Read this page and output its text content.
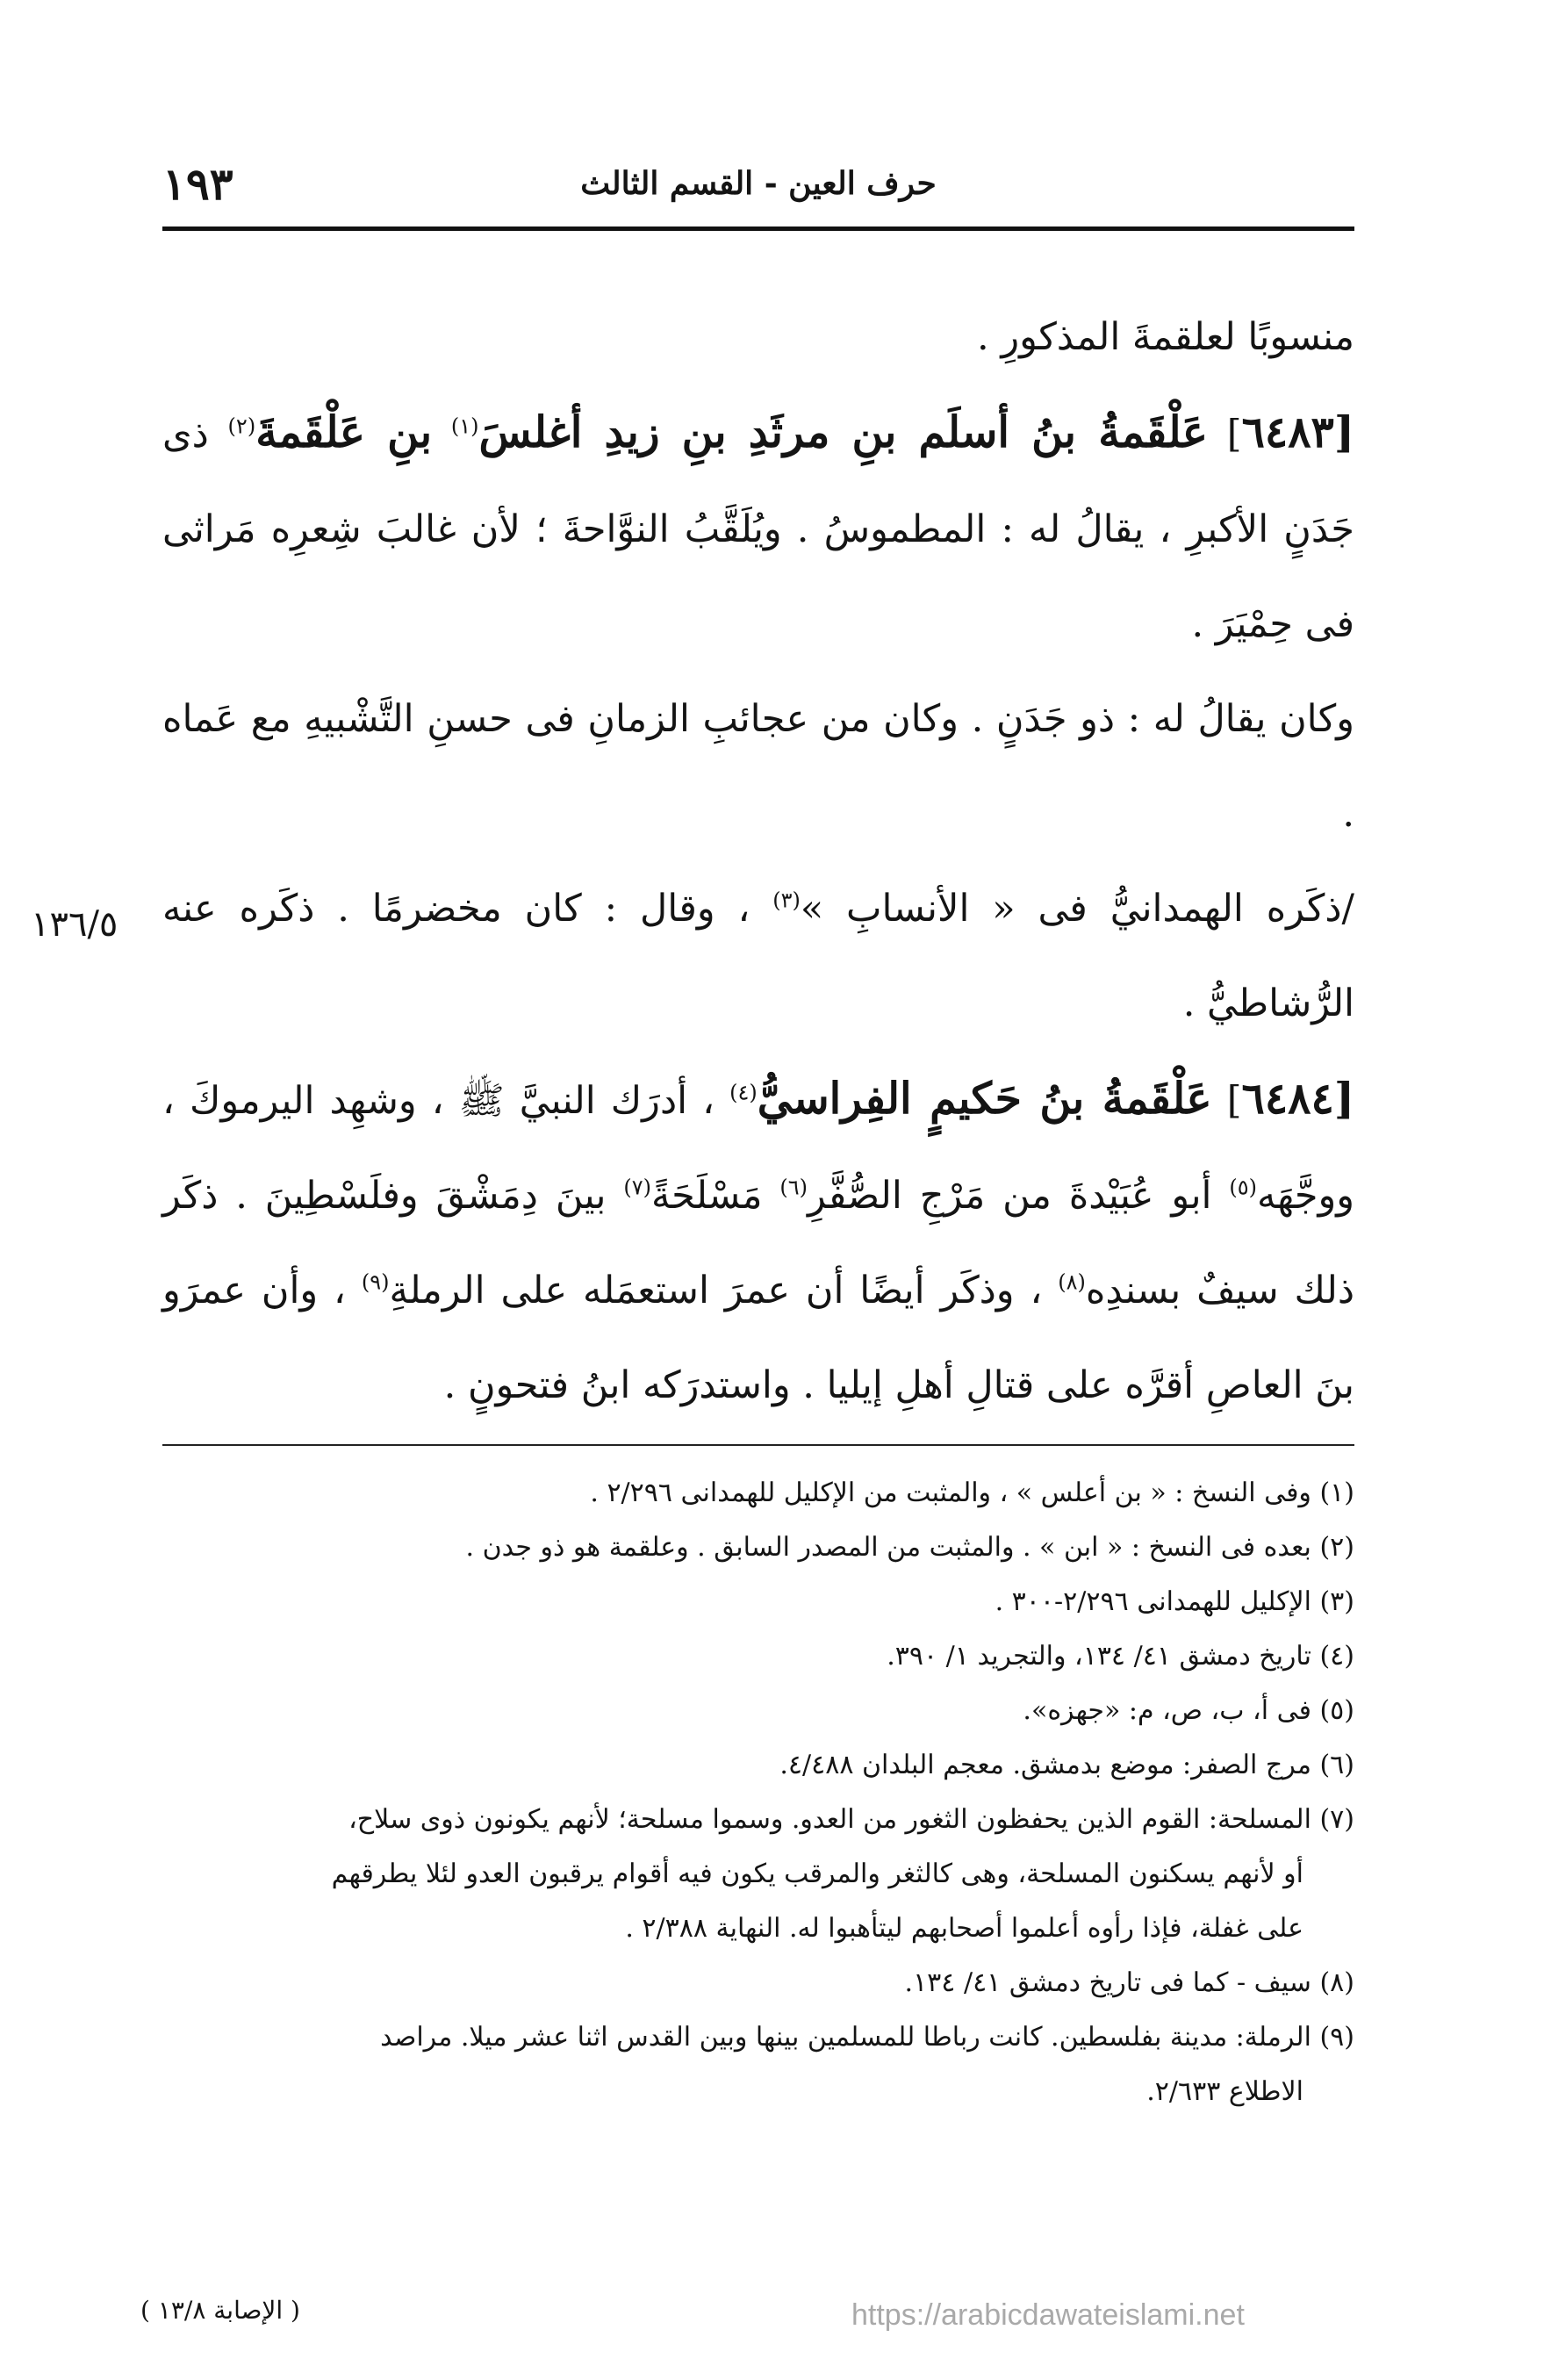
١٩٣	حرف العين - القسم الثالث

منسوبًا لعلقمةَ المذكورِ .

[٦٤٨٣] عَلْقَمةُ بنُ أسلَم بنِ مرثَدِ بنِ زيدِ أغلسَ$^{(١)}$ بنِ عَلْقَمةَ$^{(٢)}$ ذى جَدَنٍ الأكبرِ ، يقالُ له : المطموسُ . ويُلَقَّبُ النوَّاحةَ ؛ لأن غالبَ شِعرِه مَراثى فى حِمْيَرَ .

وكان يقالُ له : ذو جَدَنٍ . وكان من عجائبِ الزمانِ فى حسنِ التَّشْبيهِ مع عَماه .

/ذكَره الهمدانيُّ فى « الأنسابِ »$^{(٣)}$ ، وقال : كان مخضرمًا . ذكَره عنه الرُّشاطيُّ .

[٦٤٨٤] عَلْقَمةُ بنُ حَكيمٍ الفِراسيُّ$^{(٤)}$ ، أدرَك النبيَّ ﷺ ، وشهِد اليرموكَ ، ووجَّهَه$^{(٥)}$ أبو عُبَيْدةَ من مَرْجِ الصُّفَّرِ$^{(٦)}$ مَسْلَحَةً$^{(٧)}$ بينَ دِمَشْقَ وفلَسْطِينَ . ذكَر ذلك سيفٌ بسندِه$^{(٨)}$ ، وذكَر أيضًا أن عمرَ استعمَله على الرملةِ$^{(٩)}$ ، وأن عمرَو بنَ العاصِ أقرَّه على قتالِ أهلِ إيليا . واستدرَكه ابنُ فتحونٍ .

١٣٦/٥

(١) وفى النسخ : « بن أعلس » ، والمثبت من الإكليل للهمدانى ٢/٢٩٦ .

(٢) بعده فى النسخ : « ابن » . والمثبت من المصدر السابق . وعلقمة هو ذو جدن .

(٣) الإكليل للهمدانى ٢/٢٩٦-٣٠٠ .

(٤) تاريخ دمشق ٤١/ ١٣٤، والتجريد ١/ ٣٩٠.

(٥) فى أ، ب، ص، م: «جهزه».

(٦) مرج الصفر: موضع بدمشق. معجم البلدان ٤/٤٨٨.

(٧) المسلحة: القوم الذين يحفظون الثغور من العدو. وسموا مسلحة؛ لأنهم يكونون ذوى سلاح،

أو لأنهم يسكنون المسلحة، وهى كالثغر والمرقب يكون فيه أقوام يرقبون العدو لئلا يطرقهم

على غفلة، فإذا رأوه أعلموا أصحابهم ليتأهبوا له. النهاية ٢/٣٨٨ .

(٨) سيف - كما فى تاريخ دمشق ٤١/ ١٣٤.

(٩) الرملة: مدينة بفلسطين. كانت رباطا للمسلمين بينها وبين القدس اثنا عشر ميلا. مراصد

الاطلاع ٢/٦٣٣.

( الإصابة ١٣/٨ )	https://arabicdawateislami.net
